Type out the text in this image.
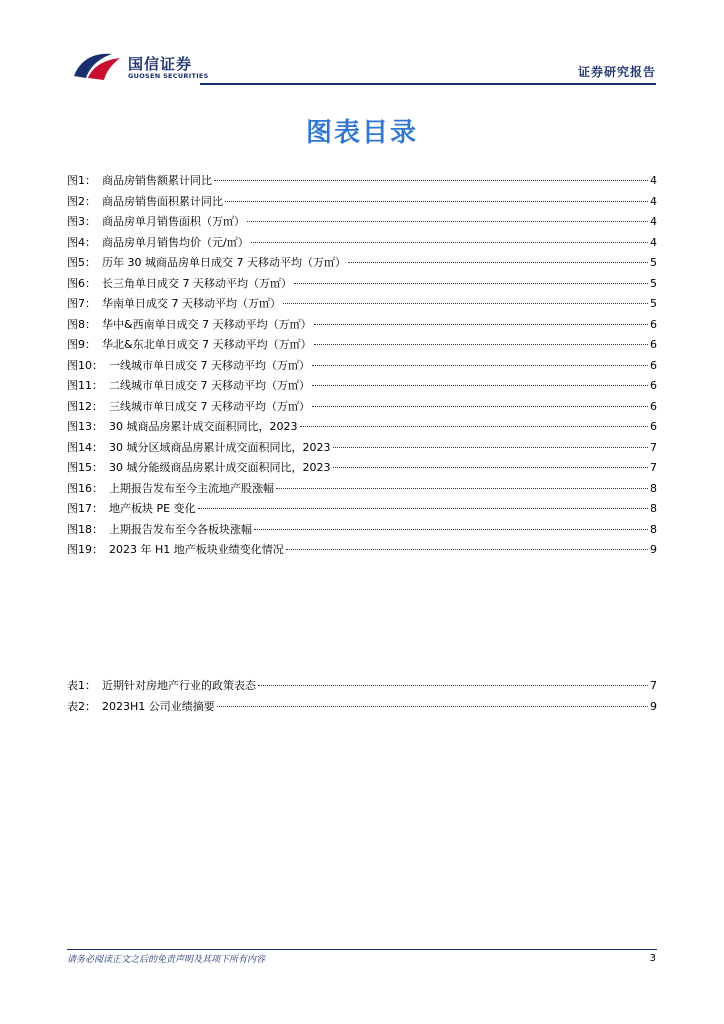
国信证券
GUOSEN SECURITIES	证券研究报告
图表目录
图1： 商品房销售额累计同比	4
图2： 商品房销售面积累计同比	4
图3： 商品房单月销售面积（万㎡）	4
图4： 商品房单月销售均价（元/㎡）	4
图5： 历年 30 城商品房单日成交 7 天移动平均（万㎡）	5
图6： 长三角单日成交 7 天移动平均（万㎡）	5
图7： 华南单日成交 7 天移动平均（万㎡）	5
图8： 华中&西南单日成交 7 天移动平均（万㎡）	6
图9： 华北&东北单日成交 7 天移动平均（万㎡）	6
图10： 一线城市单日成交 7 天移动平均（万㎡）	6
图11： 二线城市单日成交 7 天移动平均（万㎡）	6
图12： 三线城市单日成交 7 天移动平均（万㎡）	6
图13： 30 城商品房累计成交面积同比，2023	6
图14： 30 城分区域商品房累计成交面积同比，2023	7
图15： 30 城分能级商品房累计成交面积同比，2023	7
图16： 上期报告发布至今主流地产股涨幅	8
图17： 地产板块 PE 变化	8
图18： 上期报告发布至今各板块涨幅	8
图19： 2023 年 H1 地产板块业绩变化情况	9
表1： 近期针对房地产行业的政策表态	7
表2： 2023H1 公司业绩摘要	9
请务必阅读正文之后的免责声明及其项下所有内容	3
